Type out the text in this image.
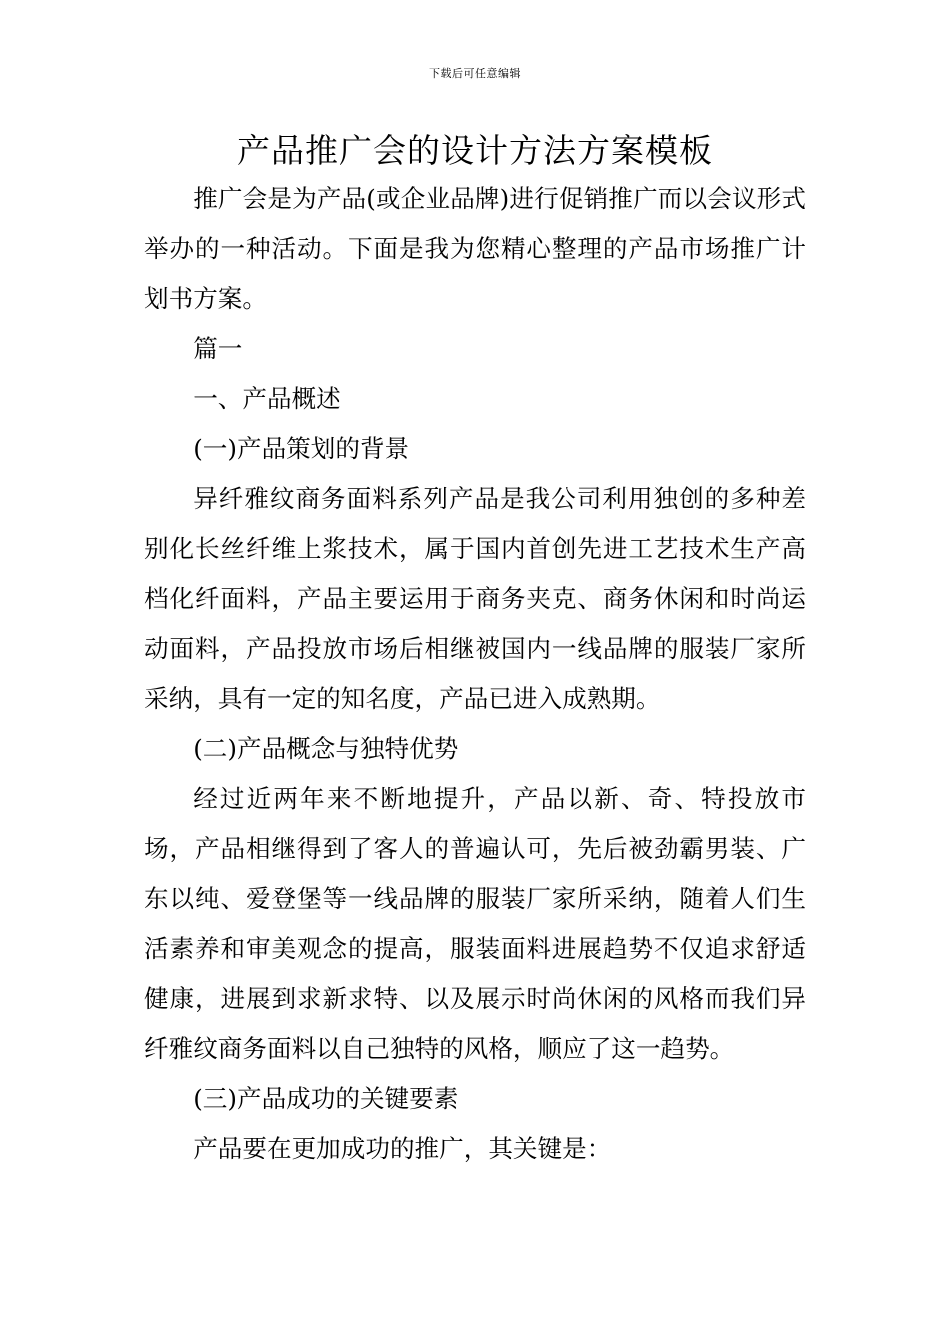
下载后可任意编辑
产品推广会的设计方法方案模板

推广会是为产品(或企业品牌)进行促销推广而以会议形式举办的一种活动。下面是我为您精心整理的产品市场推广计划书方案。

篇一

一、产品概述

(一)产品策划的背景

异纤雅纹商务面料系列产品是我公司利用独创的多种差别化长丝纤维上浆技术，属于国内首创先进工艺技术生产高档化纤面料，产品主要运用于商务夹克、商务休闲和时尚运动面料，产品投放市场后相继被国内一线品牌的服装厂家所采纳，具有一定的知名度，产品已进入成熟期。

(二)产品概念与独特优势

经过近两年来不断地提升，产品以新、奇、特投放市场，产品相继得到了客人的普遍认可，先后被劲霸男装、广东以纯、爱登堡等一线品牌的服装厂家所采纳，随着人们生活素养和审美观念的提高，服装面料进展趋势不仅追求舒适健康，进展到求新求特、以及展示时尚休闲的风格而我们异纤雅纹商务面料以自己独特的风格，顺应了这一趋势。

(三)产品成功的关键要素

产品要在更加成功的推广，其关键是：
